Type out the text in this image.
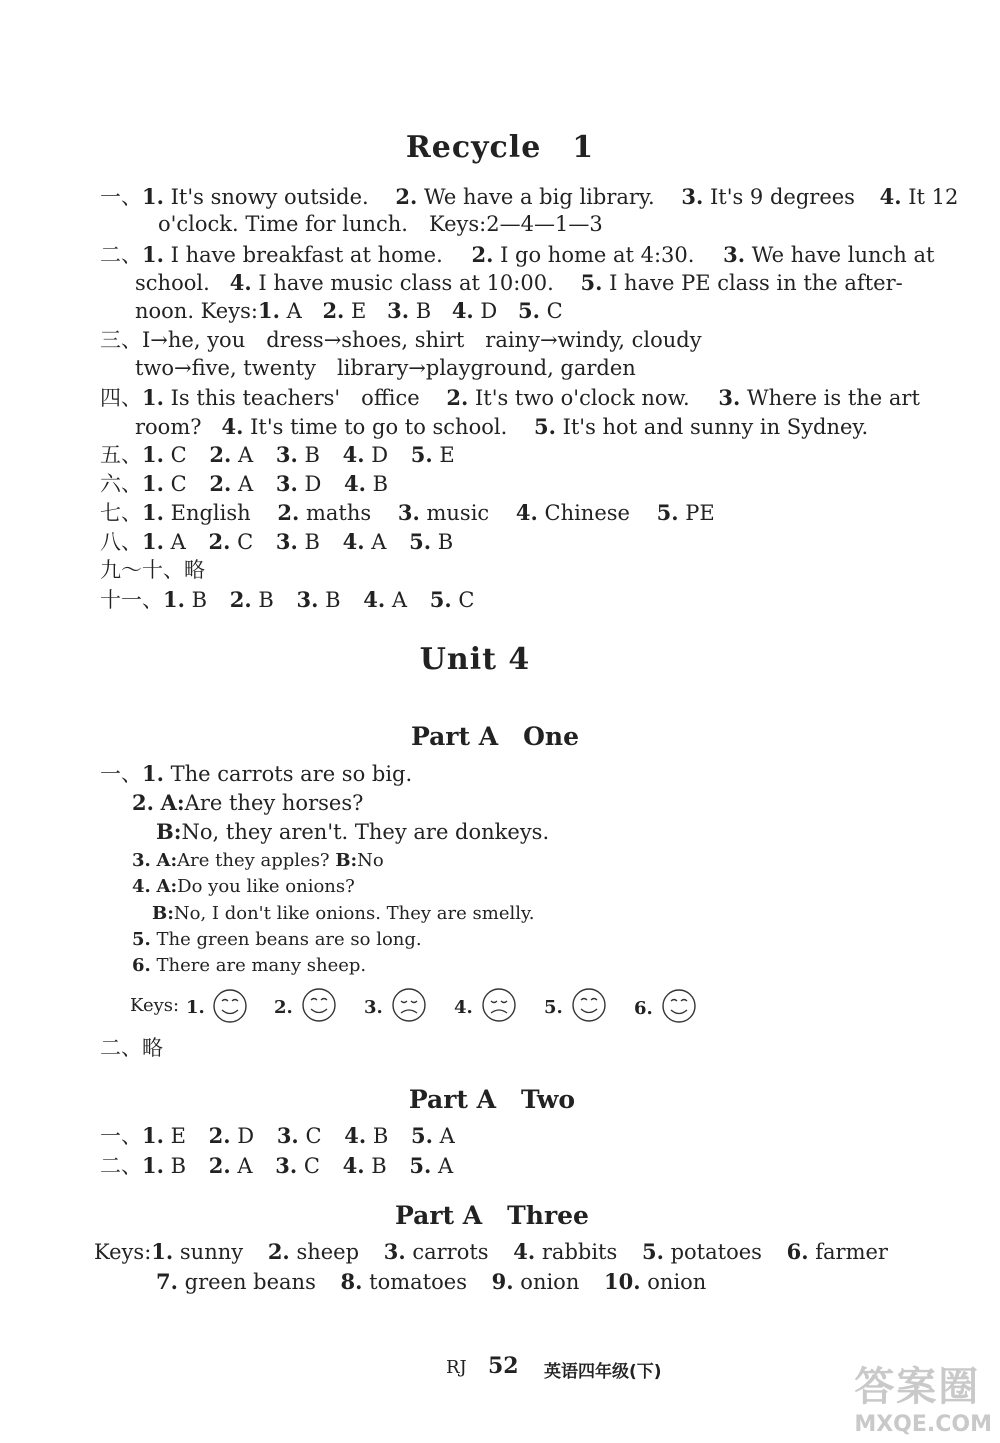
Recycle　1
一、1. It's snowy outside. 2. We have a big library. 3. It's 9 degrees 4. It 12
o'clock. Time for lunch.　Keys:2—4—1—3
二、1. I have breakfast at home. 2. I go home at 4:30. 3. We have lunch at
school. 4. I have music class at 10:00. 5. I have PE class in the after-
noon. Keys:1. A 2. E 3. B 4. D 5. C
三、I→he, you　dress→shoes, shirt　rainy→windy, cloudy
two→five, twenty　library→playground, garden
四、1. Is this teachers'　office 2. It's two o'clock now. 3. Where is the art
room? 4. It's time to go to school. 5. It's hot and sunny in Sydney.
五、1. C 2. A 3. B 4. D 5. E
六、1. C 2. A 3. D 4. B
七、1. English 2. maths 3. music 4. Chinese 5. PE
八、1. A 2. C 3. B 4. A 5. B
九～十、略
十一、1. B 2. B 3. B 4. A 5. C
Unit 4
Part A　One
一、1. The carrots are so big.
2. A:Are they horses?
B:No, they aren't. They are donkeys.
3. A:Are they apples? B:No
4. A:Do you like onions?
B:No, I don't like onions. They are smelly.
5. The green beans are so long.
6. There are many sheep.
Keys: 1.	2.	3.	4.	5.	6.
二、略
Part A　Two
一、1. E 2. D 3. C 4. B 5. A
二、1. B 2. A 3. C 4. B 5. A
Part A　Three
Keys:1. sunny 2. sheep 3. carrots 4. rabbits 5. potatoes 6. farmer
7. green beans 8. tomatoes 9. onion 10. onion
RJ 52 英语四年级(下)	答案圈
MXQE.COM
